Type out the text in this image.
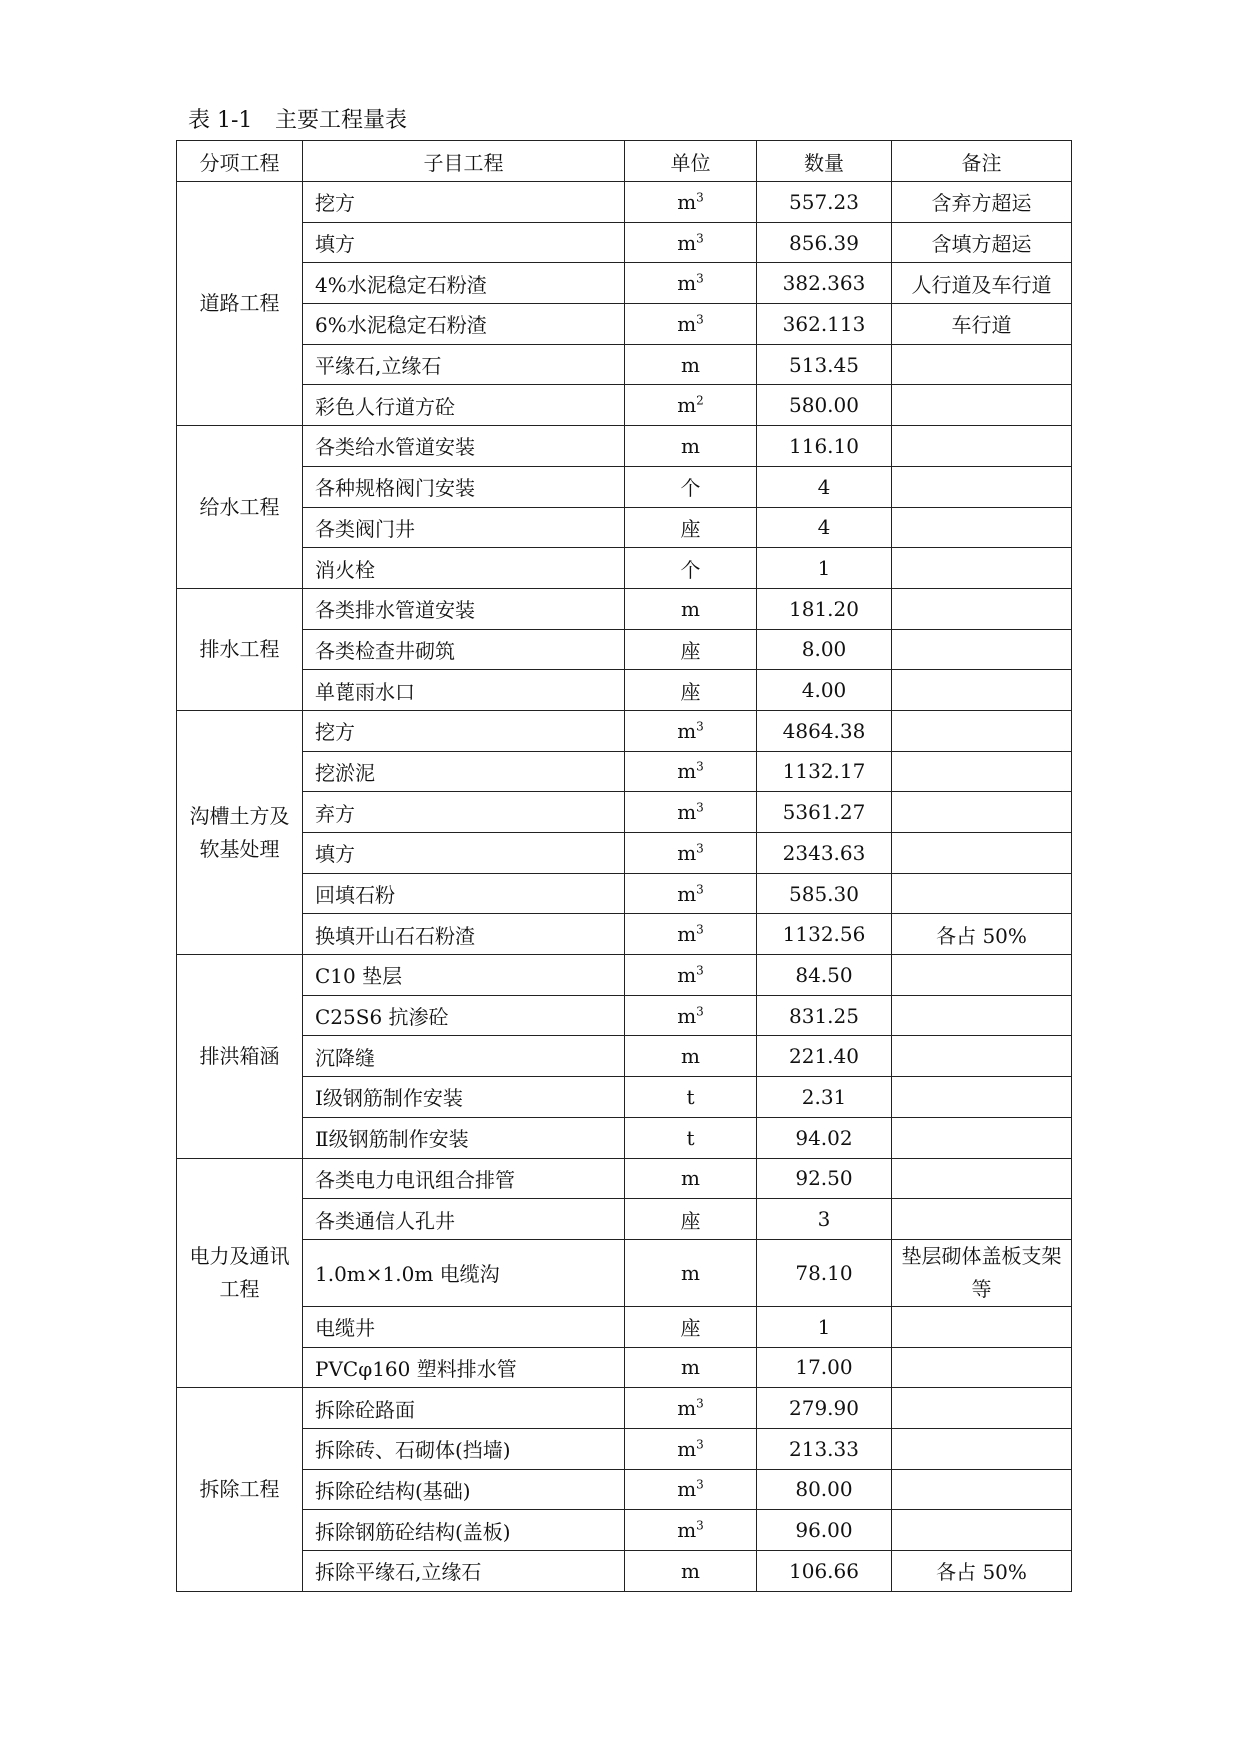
表 1-1 主要工程量表
分项工程	子目工程	单位	数量	备注
道路工程	挖方	$m^3$	557.23	含弃方超运
	填方	$m^3$	856.39	含填方超运
	4%水泥稳定石粉渣	$m^3$	382.363	人行道及车行道
	6%水泥稳定石粉渣	$m^3$	362.113	车行道
	平缘石,立缘石	m	513.45	
	彩色人行道方砼	$m^2$	580.00	
给水工程	各类给水管道安装	m	116.10	
	各种规格阀门安装	个	4	
	各类阀门井	座	4	
	消火栓	个	1	
排水工程	各类排水管道安装	m	181.20	
	各类检查井砌筑	座	8.00	
	单蓖雨水口	座	4.00	
沟槽土方及软基处理	挖方	$m^3$	4864.38	
	挖淤泥	$m^3$	1132.17	
	弃方	$m^3$	5361.27	
	填方	$m^3$	2343.63	
	回填石粉	$m^3$	585.30	
	换填开山石石粉渣	$m^3$	1132.56	各占 50%
排洪箱涵	C10 垫层	$m^3$	84.50	
	C25S6 抗渗砼	$m^3$	831.25	
	沉降缝	m	221.40	
	Ⅰ级钢筋制作安装	t	2.31	
	Ⅱ级钢筋制作安装	t	94.02	
电力及通讯工程	各类电力电讯组合排管	m	92.50	
	各类通信人孔井	座	3	
	1.0m×1.0m 电缆沟	m	78.10	垫层砌体盖板支架等
	电缆井	座	1	
	PVCφ160 塑料排水管	m	17.00	
拆除工程	拆除砼路面	$m^3$	279.90	
	拆除砖、石砌体(挡墙)	$m^3$	213.33	
	拆除砼结构(基础)	$m^3$	80.00	
	拆除钢筋砼结构(盖板)	$m^3$	96.00	
	拆除平缘石,立缘石	m	106.66	各占 50%
